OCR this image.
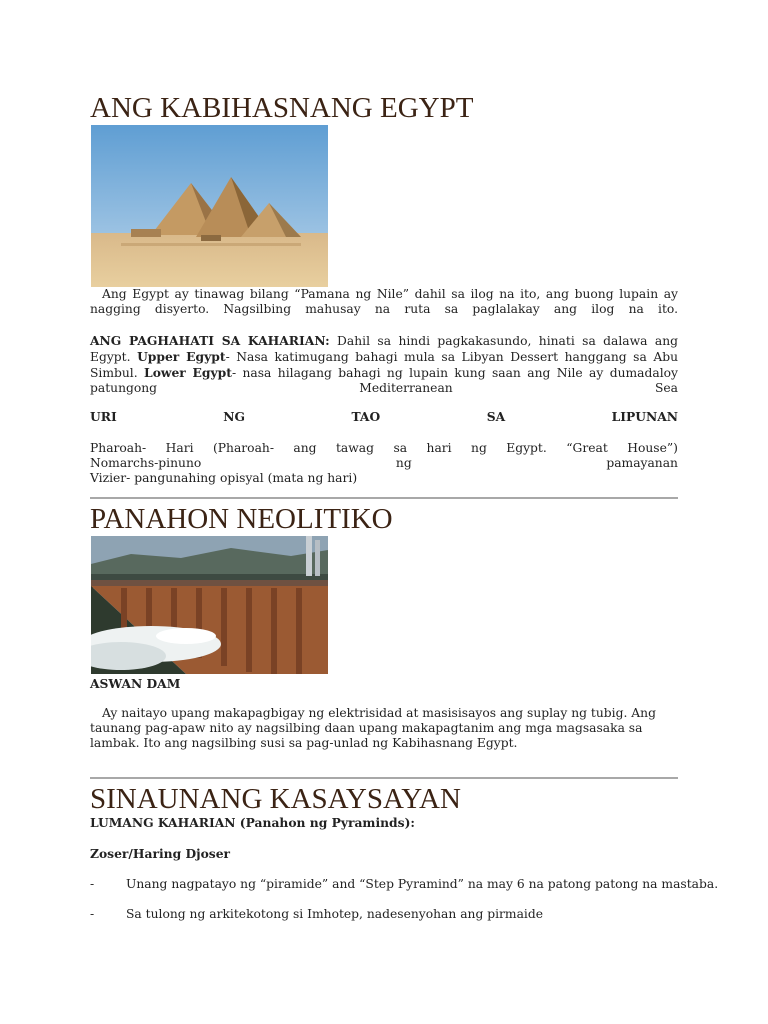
ANG KABIHASNANG EGYPT
Ang Egypt ay tinawag bilang “Pamana ng Nile” dahil sa ilog na ito, ang buong lupain ay nagging disyerto. Nagsilbing mahusay na ruta sa paglalakay ang ilog na ito.
ANG PAGHAHATI SA KAHARIAN: Dahil sa hindi pagkakasundo, hinati sa dalawa ang Egypt. Upper Egypt- Nasa katimugang bahagi mula sa Libyan Dessert hanggang sa Abu Simbul. Lower Egypt- nasa hilagang bahagi ng lupain kung saan ang Nile ay dumadaloy patungong Mediterranean Sea
URI	NG	TAO	SA	LIPUNAN
Pharoah- Hari (Pharoah- ang tawag sa hari ng Egypt. “Great House”)
Nomarchs-pinuno	ng	pamayanan
Vizier- pangunahing opisyal (mata ng hari)
PANAHON NEOLITIKO
ASWAN DAM
Ay naitayo upang makapagbigay ng elektrisidad at masisisayos ang suplay ng tubig. Ang taunang pag-apaw nito ay nagsilbing daan upang makapagtanim ang mga magsasaka sa lambak. Ito ang nagsilbing susi sa pag-unlad ng Kabihasnang Egypt.
SINAUNANG KASAYSAYAN
LUMANG KAHARIAN (Panahon ng Pyraminds):
Zoser/Haring Djoser
-	Unang nagpatayo ng “piramide” and “Step Pyramind” na may 6 na patong patong na mastaba.
-	Sa tulong ng arkitekotong si Imhotep, nadesenyohan ang pirmaide
